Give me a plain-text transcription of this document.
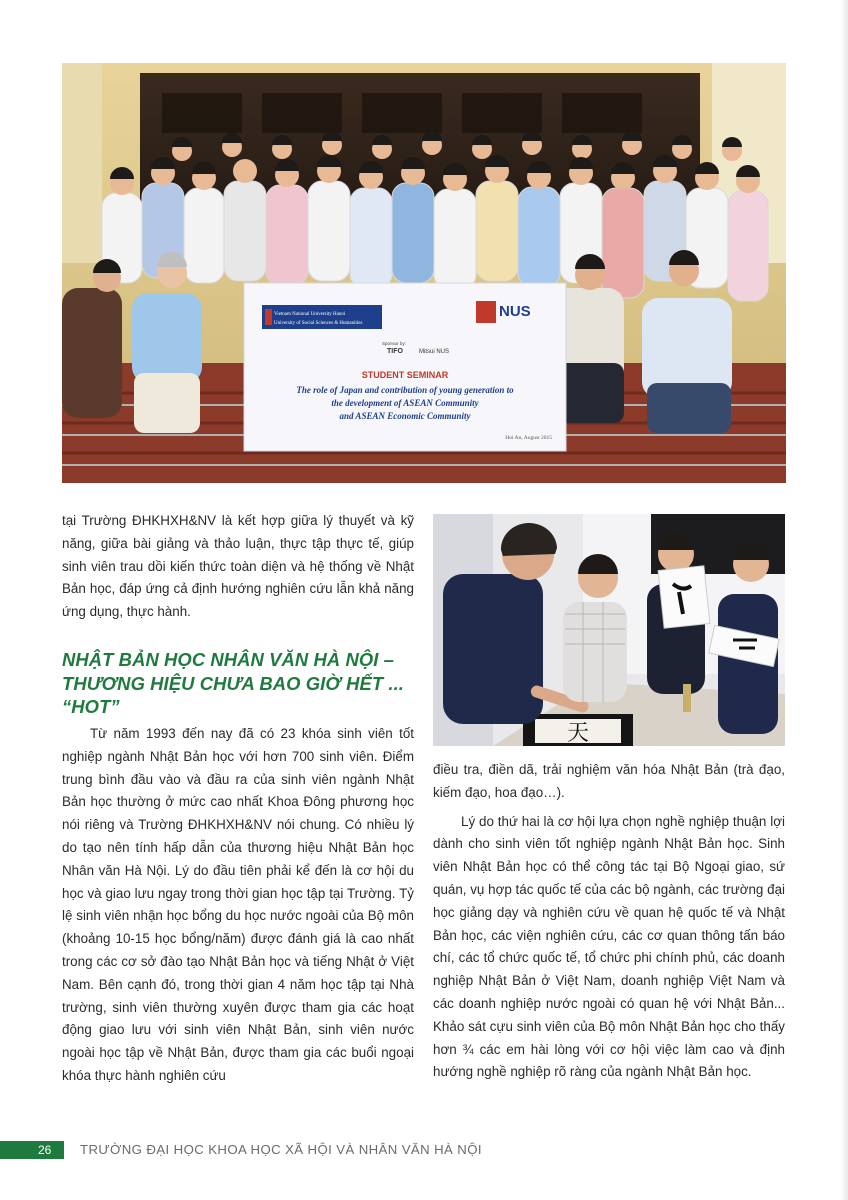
Vietnam National University Hanoi
University of Social Sciences & Humanities
NUS
Sponsor by:
TIFO	Mitsui NUS
STUDENT SEMINAR
The role of Japan and contribution of young generation to
the development of ASEAN Community
and ASEAN Economic Community
Hoi An, August 2015
天

tại Trường ĐHKHXH&NV là kết hợp giữa lý thuyết và kỹ năng, giữa bài giảng và thảo luận, thực tập thực tế, giúp sinh viên trau dồi kiến thức toàn diện và hệ thống về Nhật Bản học, đáp ứng cả định hướng nghiên cứu lẫn khả năng ứng dụng, thực hành.

NHẬT BẢN HỌC NHÂN VĂN HÀ NỘI –
THƯƠNG HIỆU CHƯA BAO GIỜ HẾT ...
“HOT”

Từ năm 1993 đến nay đã có 23 khóa sinh viên tốt nghiệp ngành Nhật Bản học với hơn 700 sinh viên. Điểm trung bình đầu vào và đầu ra của sinh viên ngành Nhật Bản học thường ở mức cao nhất Khoa Đông phương học nói riêng và Trường ĐHKHXH&NV nói chung. Có nhiều lý do tạo nên tính hấp dẫn của thương hiệu Nhật Bản học Nhân văn Hà Nội. Lý do đầu tiên phải kể đến là cơ hội du học và giao lưu ngay trong thời gian học tập tại Trường. Tỷ lệ sinh viên nhận học bổng du học nước ngoài của Bộ môn (khoảng 10-15 học bổng/năm) được đánh giá là cao nhất trong các cơ sở đào tạo Nhật Bản học và tiếng Nhật ở Việt Nam. Bên cạnh đó, trong thời gian 4 năm học tập tại Nhà trường, sinh viên thường xuyên được tham gia các hoạt động giao lưu với sinh viên Nhật Bản, sinh viên nước ngoài học tập về Nhật Bản, được tham gia các buổi ngoại khóa thực hành nghiên cứu

điều tra, điền dã, trải nghiệm văn hóa Nhật Bản (trà đạo, kiếm đạo, hoa đạo…).

Lý do thứ hai là cơ hội lựa chọn nghề nghiệp thuận lợi dành cho sinh viên tốt nghiệp ngành Nhật Bản học. Sinh viên Nhật Bản học có thể công tác tại Bộ Ngoại giao, sứ quán, vụ hợp tác quốc tế của các bộ ngành, các trường đại học giảng dạy và nghiên cứu về quan hệ quốc tế và Nhật Bản học, các viện nghiên cứu, các cơ quan thông tấn báo chí, các tổ chức quốc tế, tổ chức phi chính phủ, các doanh nghiệp Nhật Bản ở Việt Nam, doanh nghiệp Việt Nam và các doanh nghiệp nước ngoài có quan hệ với Nhật Bản... Khảo sát cựu sinh viên của Bộ môn Nhật Bản học cho thấy hơn ¾ các em hài lòng với cơ hội việc làm cao và định hướng nghề nghiệp rõ ràng của ngành Nhật Bản học.

26 TRƯỜNG ĐẠI HỌC KHOA HỌC XÃ HỘI VÀ NHÂN VĂN HÀ NỘI
